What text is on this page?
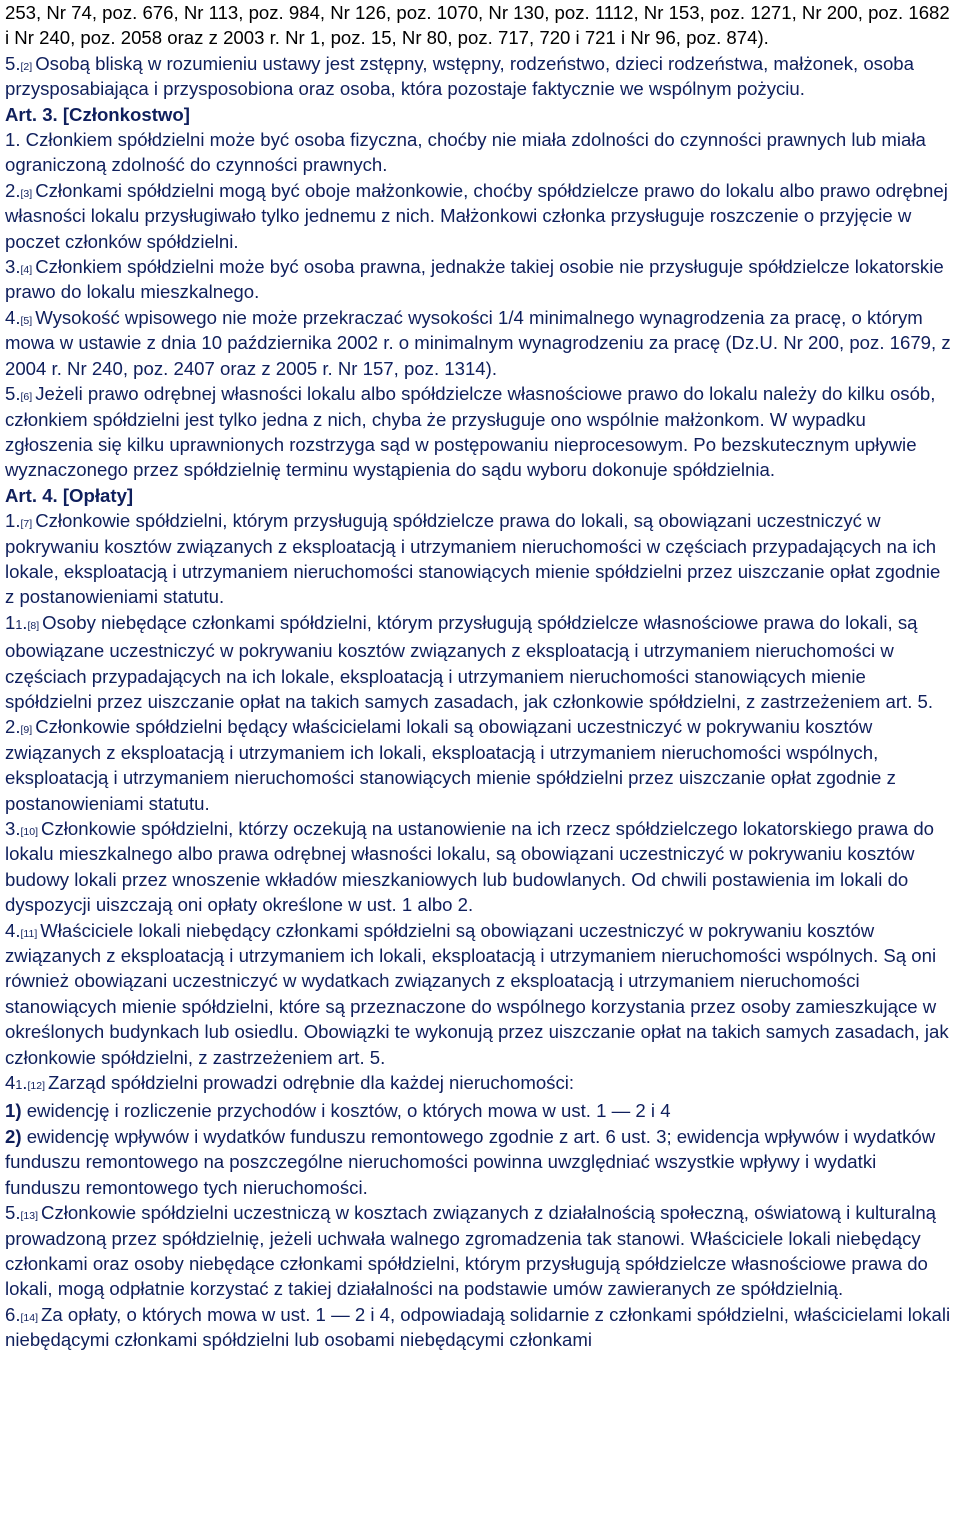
253, Nr 74, poz. 676, Nr 113, poz. 984, Nr 126, poz. 1070, Nr 130, poz. 1112, Nr 153, poz. 1271, Nr 200, poz. 1682 i Nr 240, poz. 2058 oraz z 2003 r. Nr 1, poz. 15, Nr 80, poz. 717, 720 i 721 i Nr 96, poz. 874).

5.[2] Osobą bliską w rozumieniu ustawy jest zstępny, wstępny, rodzeństwo, dzieci rodzeństwa, małżonek, osoba przysposabiająca i przysposobiona oraz osoba, która pozostaje faktycznie we wspólnym pożyciu.

Art. 3. [Członkostwo]

1. Członkiem spółdzielni może być osoba fizyczna, choćby nie miała zdolności do czynności prawnych lub miała ograniczoną zdolność do czynności prawnych.

2.[3] Członkami spółdzielni mogą być oboje małżonkowie, choćby spółdzielcze prawo do lokalu albo prawo odrębnej własności lokalu przysługiwało tylko jednemu z nich. Małżonkowi członka przysługuje roszczenie o przyjęcie w poczet członków spółdzielni.

3.[4] Członkiem spółdzielni może być osoba prawna, jednakże takiej osobie nie przysługuje spółdzielcze lokatorskie prawo do lokalu mieszkalnego.

4.[5] Wysokość wpisowego nie może przekraczać wysokości 1/4 minimalnego wynagrodzenia za pracę, o którym mowa w ustawie z dnia 10 października 2002 r. o minimalnym wynagrodzeniu za pracę (Dz.U. Nr 200, poz. 1679, z 2004 r. Nr 240, poz. 2407 oraz z 2005 r. Nr 157, poz. 1314).

5.[6] Jeżeli prawo odrębnej własności lokalu albo spółdzielcze własnościowe prawo do lokalu należy do kilku osób, członkiem spółdzielni jest tylko jedna z nich, chyba że przysługuje ono wspólnie małżonkom. W wypadku zgłoszenia się kilku uprawnionych rozstrzyga sąd w postępowaniu nieprocesowym. Po bezskutecznym upływie wyznaczonego przez spółdzielnię terminu wystąpienia do sądu wyboru dokonuje spółdzielnia.

Art. 4. [Opłaty]

1.[7] Członkowie spółdzielni, którym przysługują spółdzielcze prawa do lokali, są obowiązani uczestniczyć w pokrywaniu kosztów związanych z eksploatacją i utrzymaniem nieruchomości w częściach przypadających na ich lokale, eksploatacją i utrzymaniem nieruchomości stanowiących mienie spółdzielni przez uiszczanie opłat zgodnie z postanowieniami statutu.

11.[8] Osoby niebędące członkami spółdzielni, którym przysługują spółdzielcze własnościowe prawa do lokali, są obowiązane uczestniczyć w pokrywaniu kosztów związanych z eksploatacją i utrzymaniem nieruchomości w częściach przypadających na ich lokale, eksploatacją i utrzymaniem nieruchomości stanowiących mienie spółdzielni przez uiszczanie opłat na takich samych zasadach, jak członkowie spółdzielni, z zastrzeżeniem art. 5.

2.[9] Członkowie spółdzielni będący właścicielami lokali są obowiązani uczestniczyć w pokrywaniu kosztów związanych z eksploatacją i utrzymaniem ich lokali, eksploatacją i utrzymaniem nieruchomości wspólnych, eksploatacją i utrzymaniem nieruchomości stanowiących mienie spółdzielni przez uiszczanie opłat zgodnie z postanowieniami statutu.

3.[10] Członkowie spółdzielni, którzy oczekują na ustanowienie na ich rzecz spółdzielczego lokatorskiego prawa do lokalu mieszkalnego albo prawa odrębnej własności lokalu, są obowiązani uczestniczyć w pokrywaniu kosztów budowy lokali przez wnoszenie wkładów mieszkaniowych lub budowlanych. Od chwili postawienia im lokali do dyspozycji uiszczają oni opłaty określone w ust. 1 albo 2.

4.[11] Właściciele lokali niebędący członkami spółdzielni są obowiązani uczestniczyć w pokrywaniu kosztów związanych z eksploatacją i utrzymaniem ich lokali, eksploatacją i utrzymaniem nieruchomości wspólnych. Są oni również obowiązani uczestniczyć w wydatkach związanych z eksploatacją i utrzymaniem nieruchomości stanowiących mienie spółdzielni, które są przeznaczone do wspólnego korzystania przez osoby zamieszkujące w określonych budynkach lub osiedlu. Obowiązki te wykonują przez uiszczanie opłat na takich samych zasadach, jak członkowie spółdzielni, z zastrzeżeniem art. 5.

41.[12] Zarząd spółdzielni prowadzi odrębnie dla każdej nieruchomości:

1) ewidencję i rozliczenie przychodów i kosztów, o których mowa w ust. 1 — 2 i 4

2) ewidencję wpływów i wydatków funduszu remontowego zgodnie z art. 6 ust. 3; ewidencja wpływów i wydatków funduszu remontowego na poszczególne nieruchomości powinna uwzględniać wszystkie wpływy i wydatki funduszu remontowego tych nieruchomości.

5.[13] Członkowie spółdzielni uczestniczą w kosztach związanych z działalnością społeczną, oświatową i kulturalną prowadzoną przez spółdzielnię, jeżeli uchwała walnego zgromadzenia tak stanowi. Właściciele lokali niebędący członkami oraz osoby niebędące członkami spółdzielni, którym przysługują spółdzielcze własnościowe prawa do lokali, mogą odpłatnie korzystać z takiej działalności na podstawie umów zawieranych ze spółdzielnią.

6.[14] Za opłaty, o których mowa w ust. 1 — 2 i 4, odpowiadają solidarnie z członkami spółdzielni, właścicielami lokali niebędącymi członkami spółdzielni lub osobami niebędącymi członkami
